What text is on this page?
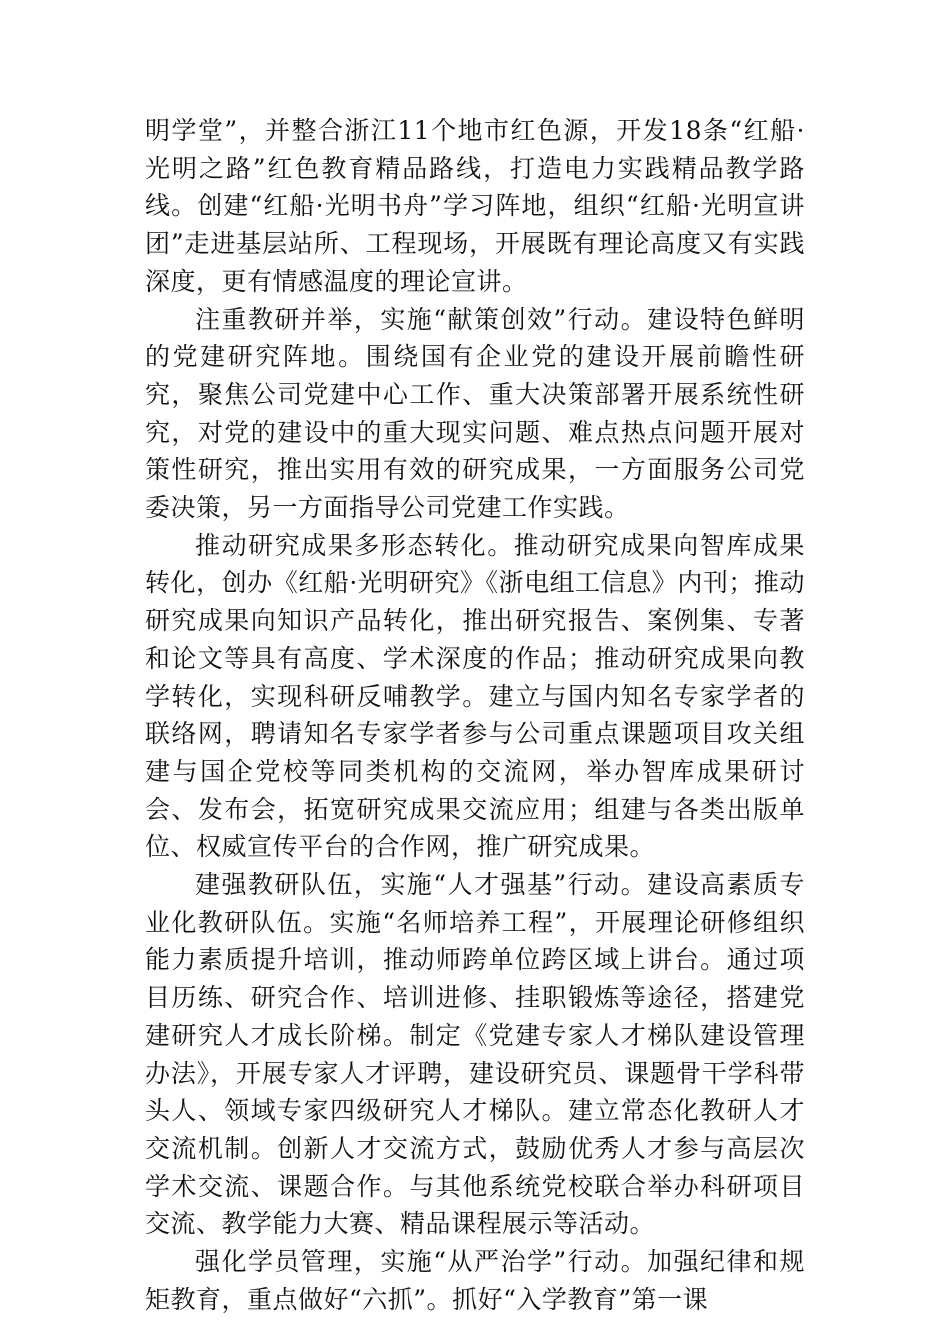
明学堂”，并整合浙江11个地市红色源，开发18条“红船·光明之路”红色教育精品路线，打造电力实践精品教学路线。创建“红船·光明书舟”学习阵地，组织“红船·光明宣讲团”走进基层站所、工程现场，开展既有理论高度又有实践深度，更有情感温度的理论宣讲。

注重教研并举，实施“献策创效”行动。建设特色鲜明的党建研究阵地。围绕国有企业党的建设开展前瞻性研究，聚焦公司党建中心工作、重大决策部署开展系统性研究，对党的建设中的重大现实问题、难点热点问题开展对策性研究，推出实用有效的研究成果，一方面服务公司党委决策，另一方面指导公司党建工作实践。

推动研究成果多形态转化。推动研究成果向智库成果转化，创办《红船·光明研究》《浙电组工信息》内刊；推动研究成果向知识产品转化，推出研究报告、案例集、专著和论文等具有高度、学术深度的作品；推动研究成果向教学转化，实现科研反哺教学。建立与国内知名专家学者的联络网，聘请知名专家学者参与公司重点课题项目攻关组建与国企党校等同类机构的交流网，举办智库成果研讨会、发布会，拓宽研究成果交流应用；组建与各类出版单位、权威宣传平台的合作网，推广研究成果。

建强教研队伍，实施“人才强基”行动。建设高素质专业化教研队伍。实施“名师培养工程”，开展理论研修组织能力素质提升培训，推动师跨单位跨区域上讲台。通过项目历练、研究合作、培训进修、挂职锻炼等途径，搭建党建研究人才成长阶梯。制定《党建专家人才梯队建设管理办法》，开展专家人才评聘，建设研究员、课题骨干学科带头人、领域专家四级研究人才梯队。建立常态化教研人才交流机制。创新人才交流方式，鼓励优秀人才参与高层次学术交流、课题合作。与其他系统党校联合举办科研项目交流、教学能力大赛、精品课程展示等活动。

强化学员管理，实施“从严治学”行动。加强纪律和规矩教育，重点做好“六抓”。抓好“入学教育”第一课
